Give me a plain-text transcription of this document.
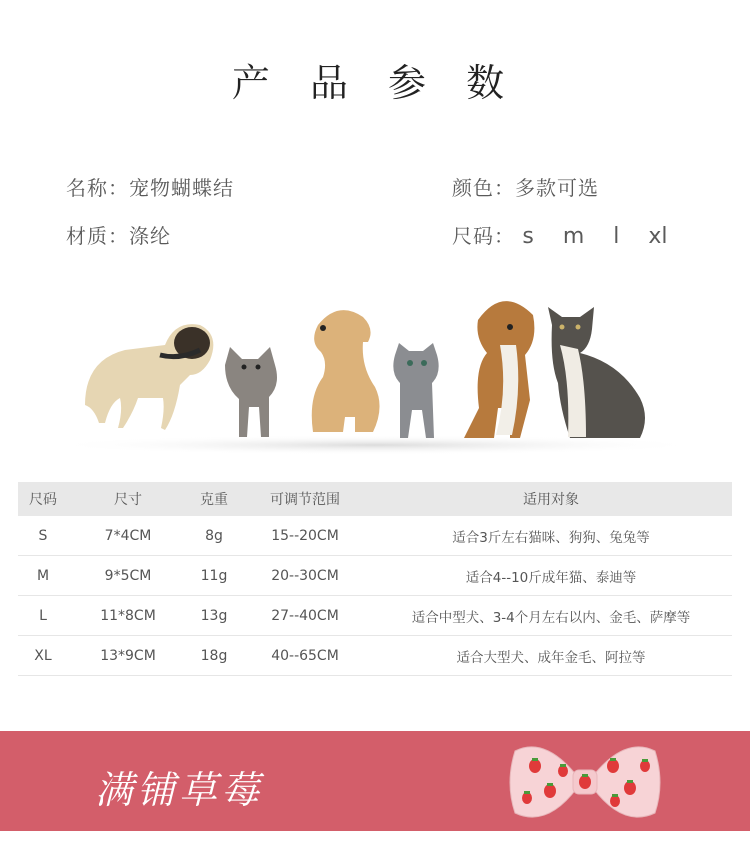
产 品 参 数
名称：宠物蝴蝶结	颜色：多款可选
材质：涤纶	尺码： s m l xl
尺码	尺寸	克重	可调节范围	适用对象
S	7*4CM	8g	15--20CM	适合3斤左右猫咪、狗狗、兔兔等
M	9*5CM	11g	20--30CM	适合4--10斤成年猫、泰迪等
L	11*8CM	13g	27--40CM	适合中型犬、3-4个月左右以内、金毛、萨摩等
XL	13*9CM	18g	40--65CM	适合大型犬、成年金毛、阿拉等
满铺草莓
